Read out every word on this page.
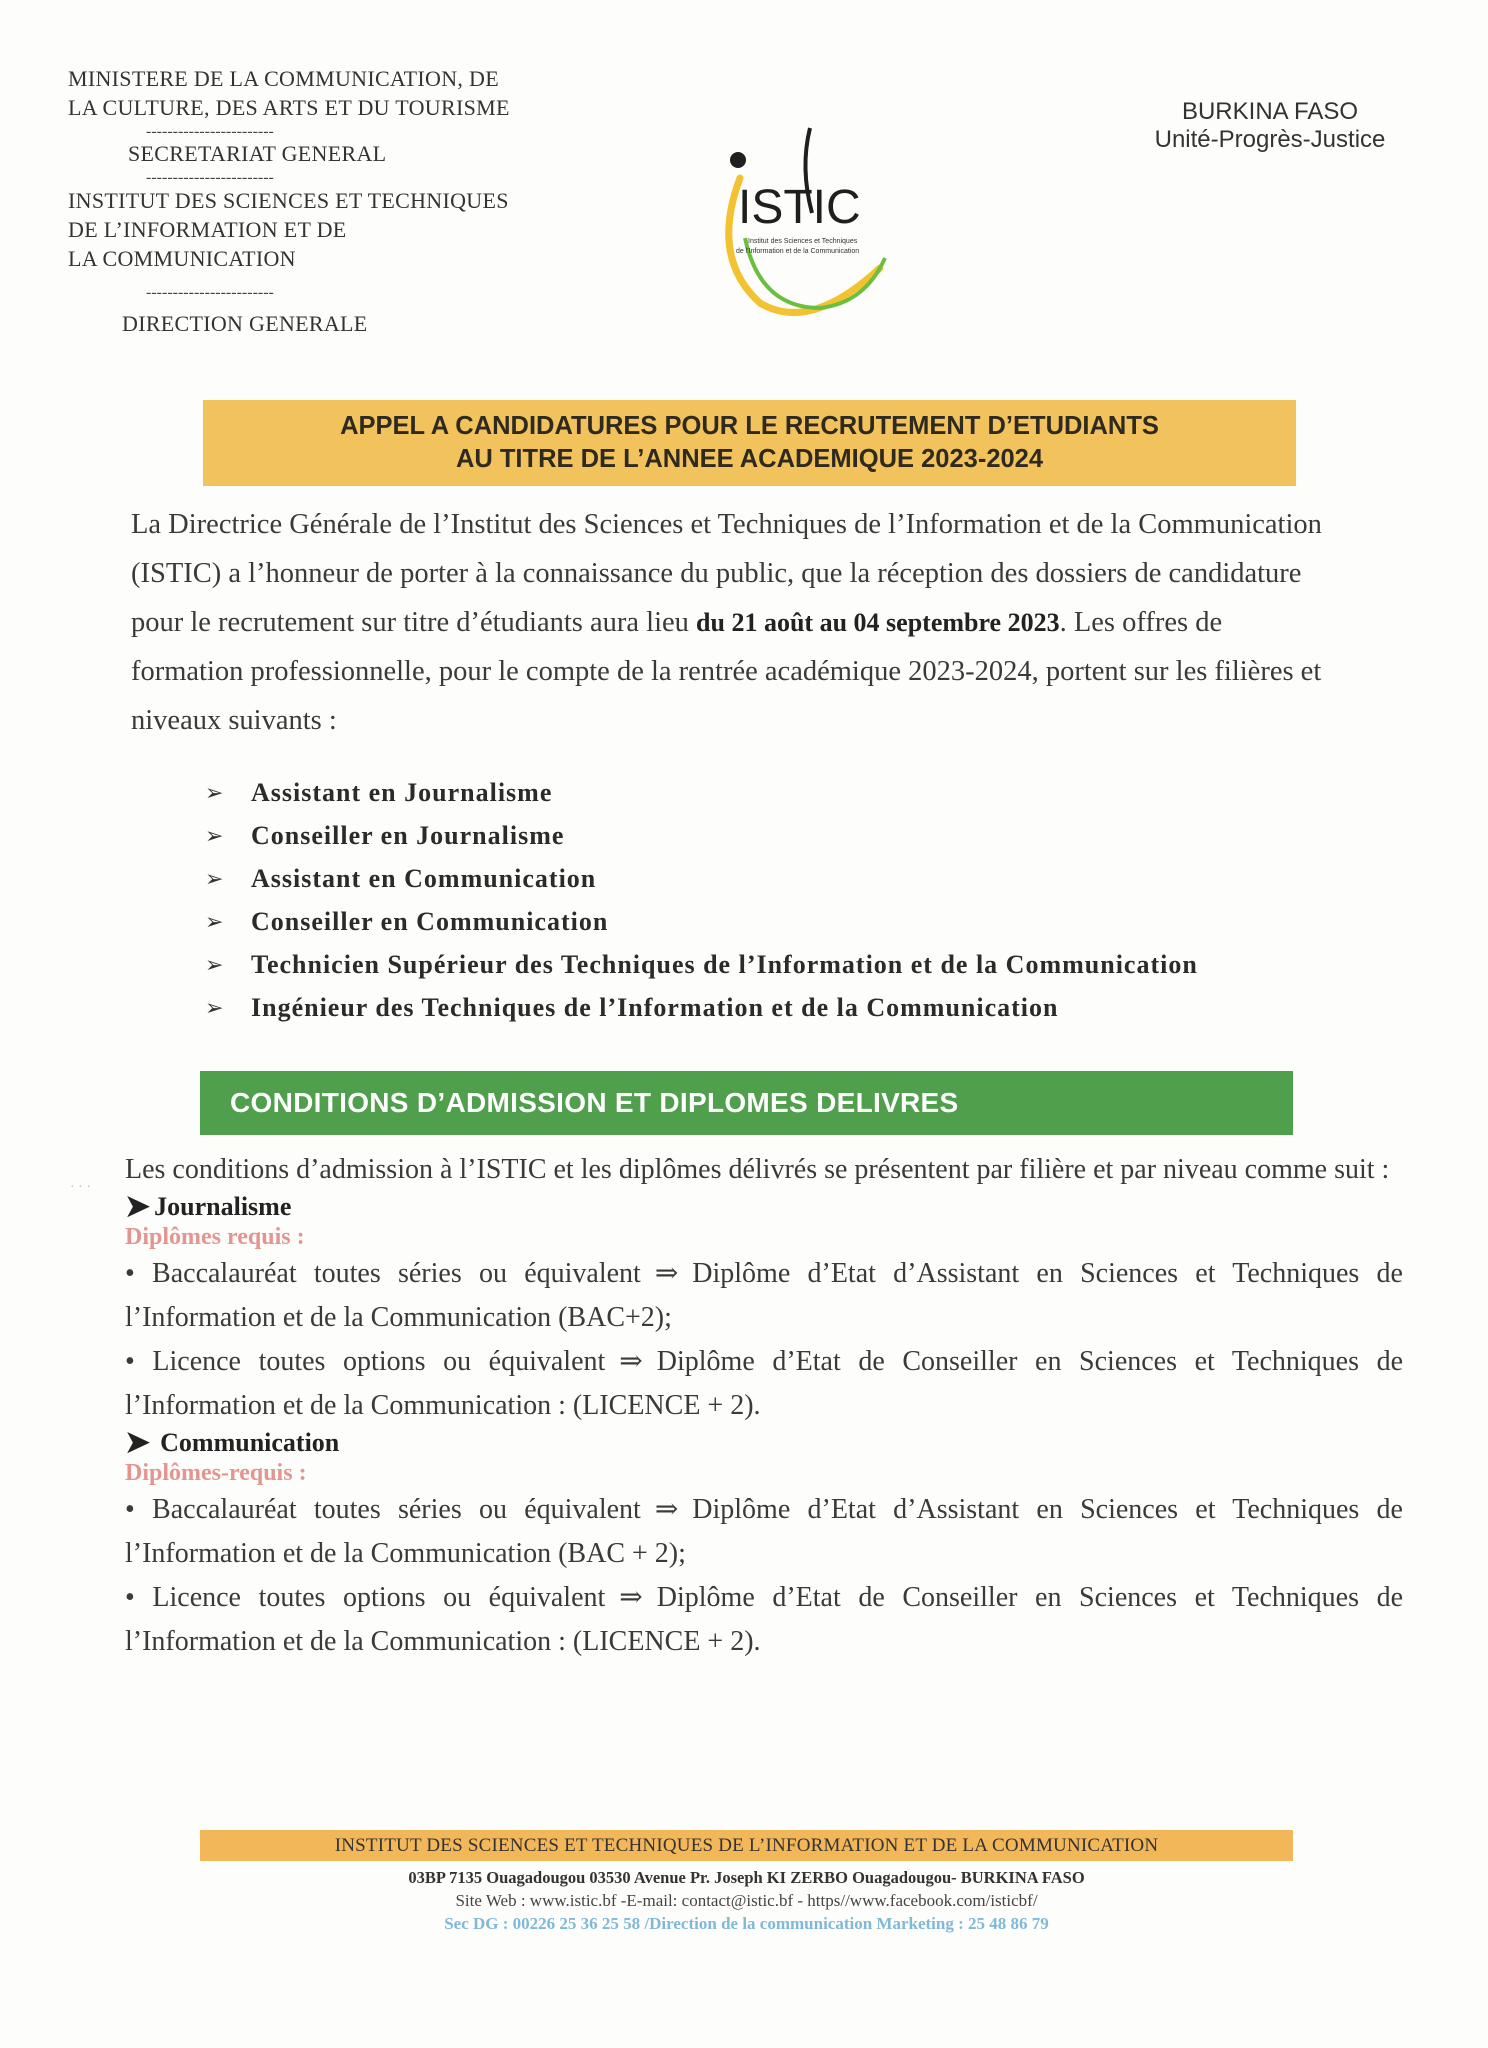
MINISTERE DE LA COMMUNICATION, DE
LA CULTURE, DES ARTS ET DU TOURISME
------------------------
SECRETARIAT GENERAL
------------------------
INSTITUT DES SCIENCES ET TECHNIQUES
DE L’INFORMATION ET DE
LA COMMUNICATION
------------------------
DIRECTION GENERALE
ISTIC
Institut des Sciences et Techniques
de l'Information et de la Communication
BURKINA FASO
Unité-Progrès-Justice
APPEL A CANDIDATURES POUR LE RECRUTEMENT D’ETUDIANTS
AU TITRE DE L’ANNEE ACADEMIQUE 2023-2024
La Directrice Générale de l’Institut des Sciences et Techniques de l’Information et de la Communication (ISTIC) a l’honneur de porter à la connaissance du public, que la réception des dossiers de candidature pour le recrutement sur titre d’étudiants aura lieu du 21 août au 04 septembre 2023. Les offres de formation professionnelle, pour le compte de la rentrée académique 2023-2024, portent sur les filières et niveaux suivants :
➢	Assistant en Journalisme
➢	Conseiller en Journalisme
➢	Assistant en Communication
➢	Conseiller en Communication
➢	Technicien Supérieur des Techniques de l’Information et de la Communication
➢	Ingénieur des Techniques de l’Information et de la Communication
CONDITIONS D’ADMISSION ET DIPLOMES DELIVRES
· · ·
Les conditions d’admission à l’ISTIC et les diplômes délivrés se présentent par filière et par niveau comme suit :
➤ Journalisme
Diplômes requis :
• Baccalauréat toutes séries ou équivalent ⇒ Diplôme d’Etat d’Assistant en Sciences et Techniques de l’Information et de la Communication (BAC+2);
• Licence toutes options ou équivalent ⇒ Diplôme d’Etat de Conseiller en Sciences et Techniques de l’Information et de la Communication : (LICENCE + 2).
➤ Communication
Diplômes-requis :
• Baccalauréat toutes séries ou équivalent ⇒ Diplôme d’Etat d’Assistant en Sciences et Techniques de l’Information et de la Communication (BAC + 2);
• Licence toutes options ou équivalent ⇒ Diplôme d’Etat de Conseiller en Sciences et Techniques de l’Information et de la Communication : (LICENCE + 2).
INSTITUT DES SCIENCES ET TECHNIQUES DE L’INFORMATION ET DE LA COMMUNICATION
03BP 7135 Ouagadougou 03530 Avenue Pr. Joseph KI ZERBO Ouagadougou- BURKINA FASO
Site Web : www.istic.bf -E-mail: contact@istic.bf - https//www.facebook.com/isticbf/
Sec DG : 00226 25 36 25 58 /Direction de la communication Marketing : 25 48 86 79
